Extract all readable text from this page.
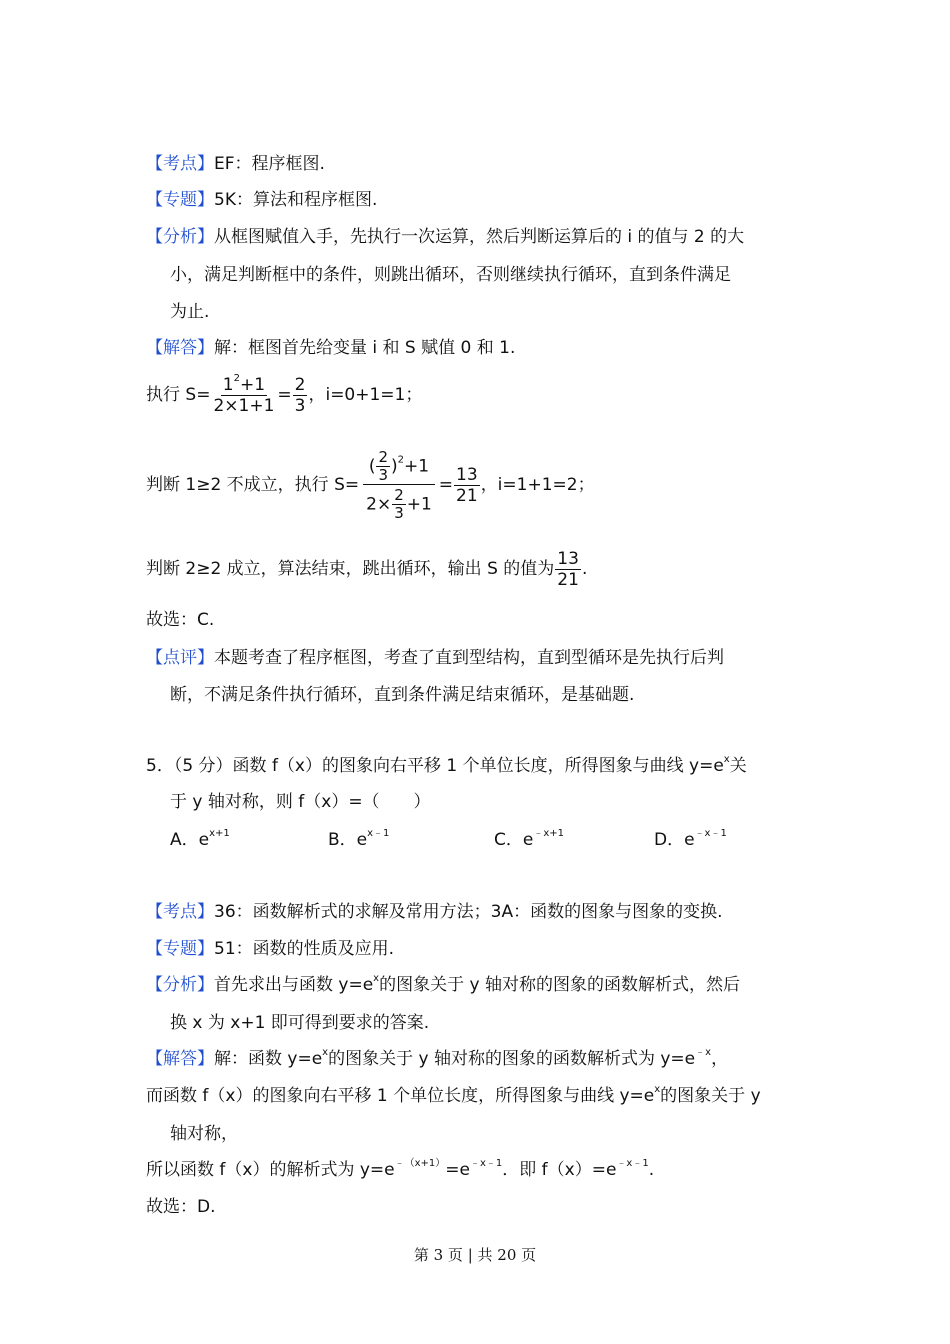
【考点】EF：程序框图.
【专题】5K：算法和程序框图.
【分析】从框图赋值入手，先执行一次运算，然后判断运算后的 i 的值与 2 的大
小，满足判断框中的条件，则跳出循环，否则继续执行循环，直到条件满足
为止.
【解答】解：框图首先给变量 i 和 S 赋值 0 和 1.
执行 $S= \frac{1^2+1}{2\times 1+1} = \frac{2}{3}$ ，i=0+1=1；
判断 1≥2 不成立，执行 $S= \frac{( \frac{2}{3} )^2+1}{2\times \frac{2}{3} +1} = \frac{13}{21}$ ，i=1+1=2；
判断 2≥2 成立，算法结束，跳出循环，输出 S 的值为 $\frac{13}{21}$ .
故选：C.
【点评】本题考查了程序框图，考查了直到型结构，直到型循环是先执行后判
断，不满足条件执行循环，直到条件满足结束循环，是基础题.
5．（5 分）函数 f（x）的图象向右平移 1 个单位长度，所得图象与曲线 $y=e^x$关
于 y 轴对称，则 f（x）=（　　）
A．$e^{x+1}$	B．$e^{x﹣1}$	C．$e^{﹣x+1}$	D．$e^{﹣x﹣1}$
【考点】36：函数解析式的求解及常用方法；3A：函数的图象与图象的变换.
【专题】51：函数的性质及应用.
【分析】首先求出与函数 $y=e^x$的图象关于 y 轴对称的图象的函数解析式，然后
换 x 为 x+1 即可得到要求的答案.
【解答】解：函数 $y=e^x$的图象关于 y 轴对称的图象的函数解析式为 $y=e^{﹣x}$，
而函数 f（x）的图象向右平移 1 个单位长度，所得图象与曲线 $y=e^x$的图象关于 y
轴对称，
所以函数 f（x）的解析式为 $y=e^{﹣(x+1)}=e^{﹣x﹣1}$．即 $f(x)=e^{﹣x﹣1}$.
故选：D.
第 3 页 | 共 20 页
